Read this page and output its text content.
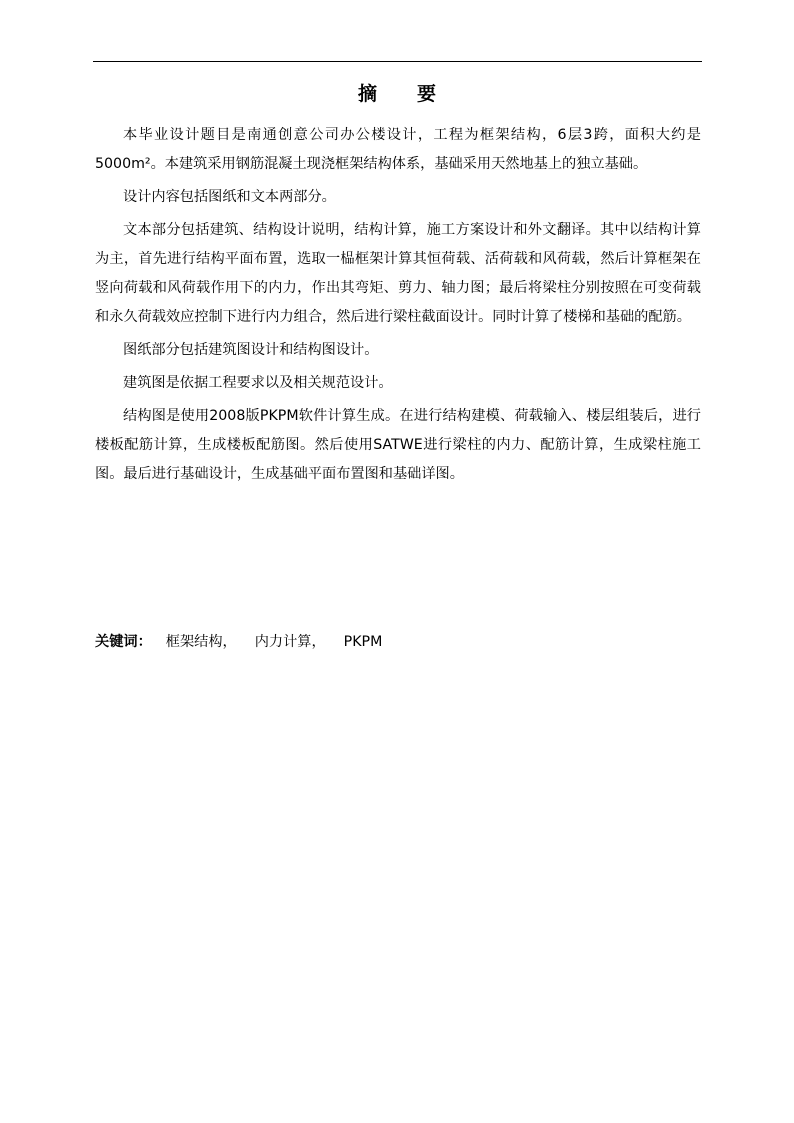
摘 要

本毕业设计题目是南通创意公司办公楼设计，工程为框架结构，6层3跨，面积大约是5000m²。本建筑采用钢筋混凝土现浇框架结构体系，基础采用天然地基上的独立基础。

设计内容包括图纸和文本两部分。

文本部分包括建筑、结构设计说明，结构计算，施工方案设计和外文翻译。其中以结构计算为主，首先进行结构平面布置，选取一榀框架计算其恒荷载、活荷载和风荷载，然后计算框架在竖向荷载和风荷载作用下的内力，作出其弯矩、剪力、轴力图；最后将梁柱分别按照在可变荷载和永久荷载效应控制下进行内力组合，然后进行梁柱截面设计。同时计算了楼梯和基础的配筋。

图纸部分包括建筑图设计和结构图设计。

建筑图是依据工程要求以及相关规范设计。

结构图是使用2008版PKPM软件计算生成。在进行结构建模、荷载输入、楼层组装后，进行楼板配筋计算，生成楼板配筋图。然后使用SATWE进行梁柱的内力、配筋计算，生成梁柱施工图。最后进行基础设计，生成基础平面布置图和基础详图。

关键词： 框架结构， 内力计算， PKPM
